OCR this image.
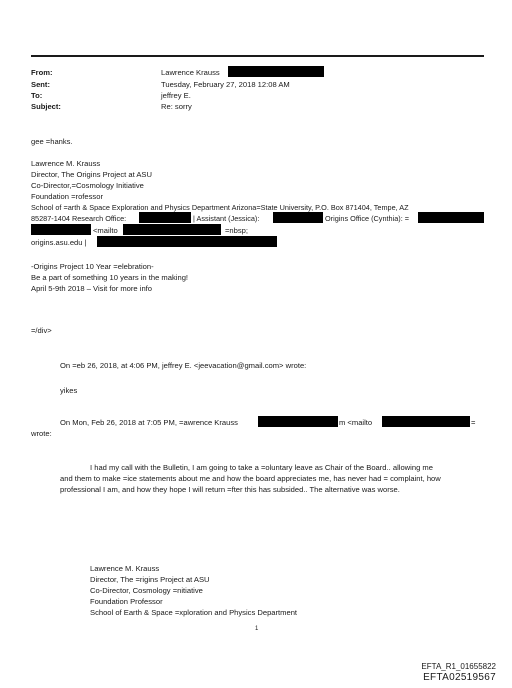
From:	Lawrence Krauss
Sent:	Tuesday, February 27, 2018 12:08 AM
To:	jeffrey E.
Subject:	Re: sorry
gee =hanks.
Lawrence M. Krauss
Director, The Origins Project at ASU
Co-Director,=Cosmology Initiative
Foundation =rofessor
School of =arth & Space Exploration and Physics Department Arizona=State University, P.O. Box 871404, Tempe, AZ
85287-1404 Research Office:	| Assistant (Jessica):	Origins Office (Cynthia): =
<mailto	=nbsp;
origins.asu.edu |
-Origins Project 10 Year =elebration-
Be a part of something 10 years in the making!
April 5-9th 2018 – Visit for more info
=/div>
On =eb 26, 2018, at 4:06 PM, jeffrey E. <jeevacation@gmail.com> wrote:
yikes
On Mon, Feb 26, 2018 at 7:05 PM, =awrence Krauss	m <mailto	=
wrote:
I had my call with the Bulletin, I am going to take a =oluntary leave as Chair of the Board.. allowing me
and them to make =ice statements about me and how the board appreciates me, has never had = complaint, how
professional I am, and how they hope I will return =fter this has subsided.. The alternative was worse.
Lawrence M. Krauss
Director, The =rigins Project at ASU
Co-Director, Cosmology =nitiative
Foundation Professor
School of Earth & Space =xploration and Physics Department
1
EFTA_R1_01655822
EFTA02519567
